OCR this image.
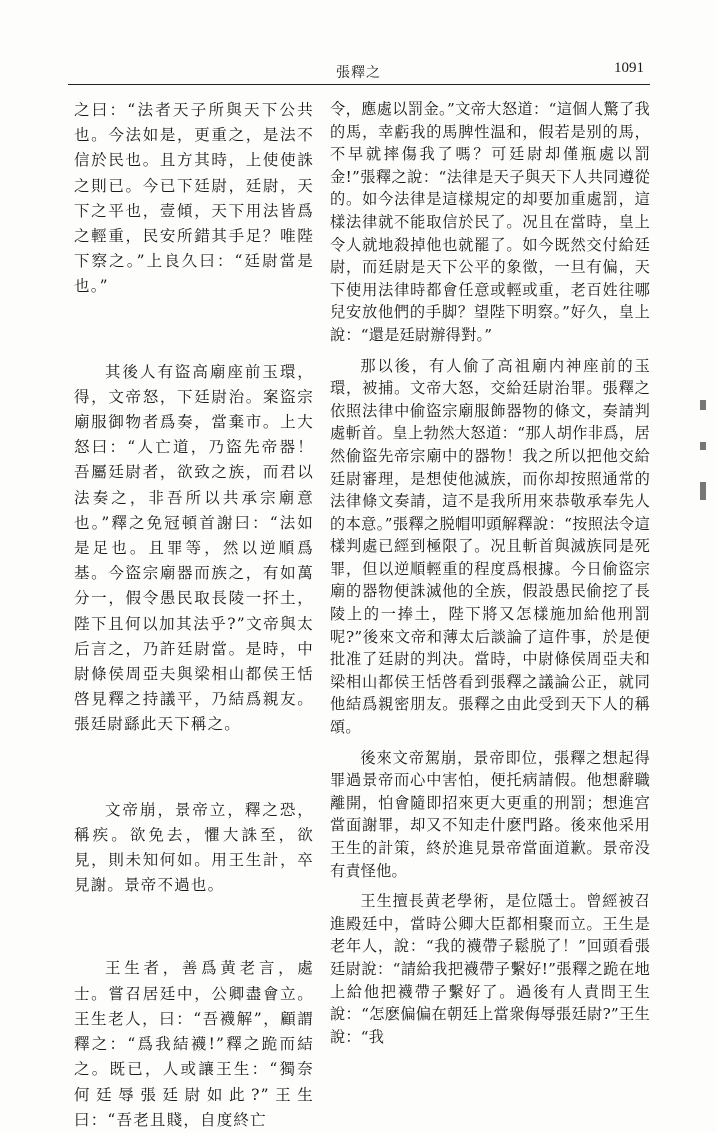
張釋之	1091

之曰：“法者天子所與天下公共也。今法如是，更重之，是法不信於民也。且方其時，上使使誅之則已。今已下廷尉，廷尉，天下之平也，壹傾，天下用法皆爲之輕重，民安所錯其手足？唯陛下察之。”上良久曰：“廷尉當是也。”

其後人有盜高廟座前玉環，得，文帝怒，下廷尉治。案盜宗廟服御物者爲奏，當棄市。上大怒曰：“人亡道，乃盜先帝器！吾屬廷尉者，欲致之族，而君以法奏之，非吾所以共承宗廟意也。”釋之免冠頓首謝曰：“法如是足也。且罪等，然以逆順爲基。今盜宗廟器而族之，有如萬分一，假令愚民取長陵一抔土，陛下且何以加其法乎?”文帝與太后言之，乃許廷尉當。是時，中尉條侯周亞夫與梁相山都侯王恬啓見釋之持議平，乃結爲親友。張廷尉繇此天下稱之。

文帝崩，景帝立，釋之恐，稱疾。欲免去，懼大誅至，欲見，則未知何如。用王生計，卒見謝。景帝不過也。

王生者，善爲黄老言，處士。嘗召居廷中，公卿盡會立。王生老人，曰：“吾襪解”，顧謂釋之：“爲我結襪!”釋之跪而結之。既已，人或讓王生：“獨奈何廷辱張廷尉如此?”王生曰：“吾老且賤，自度終亡

令，應處以罰金。”文帝大怒道：“這個人驚了我的馬，幸虧我的馬脾性温和，假若是别的馬，不早就摔傷我了嗎？可廷尉却僅瓶處以罰金!”張釋之說：“法律是天子與天下人共同遵從的。如今法律是這樣規定的却要加重處罰，這樣法律就不能取信於民了。况且在當時，皇上令人就地殺掉他也就罷了。如今既然交付給廷尉，而廷尉是天下公平的象徵，一旦有偏，天下使用法律時都會任意或輕或重，老百姓往哪兒安放他們的手脚？望陛下明察。”好久，皇上說：“還是廷尉辦得對。”

那以後，有人偷了高祖廟内神座前的玉環，被捕。文帝大怒，交給廷尉治罪。張釋之依照法律中偷盜宗廟服飾器物的條文，奏請判處斬首。皇上勃然大怒道：“那人胡作非爲，居然偷盜先帝宗廟中的器物！我之所以把他交給廷尉審理，是想使他滅族，而你却按照通常的法律條文奏請，這不是我所用來恭敬承奉先人的本意。”張釋之脱帽叩頭解釋說：“按照法令這樣判處已經到極限了。况且斬首與滅族同是死罪，但以逆順輕重的程度爲根據。今日偷盜宗廟的器物便誅滅他的全族，假設愚民偷挖了長陵上的一捧土，陛下將又怎樣施加給他刑罰呢?”後來文帝和薄太后談論了這件事，於是便批准了廷尉的判决。當時，中尉條侯周亞夫和梁相山都侯王恬啓看到張釋之議論公正，就同他結爲親密朋友。張釋之由此受到天下人的稱頌。

後來文帝駕崩，景帝即位，張釋之想起得罪過景帝而心中害怕，便托病請假。他想辭職離開，怕會隨即招來更大更重的刑罰；想進宫當面謝罪，却又不知走什麽門路。後來他采用王生的計策，終於進見景帝當面道歉。景帝没有責怪他。

王生擅長黄老學術，是位隱士。曾經被召進殿廷中，當時公卿大臣都相聚而立。王生是老年人，說：“我的襪帶子鬆脱了！”回頭看張廷尉說：“請給我把襪帶子繫好!”張釋之跪在地上給他把襪帶子繫好了。過後有人責問王生說：“怎麽偏偏在朝廷上當衆侮辱張廷尉?”王生說：“我
